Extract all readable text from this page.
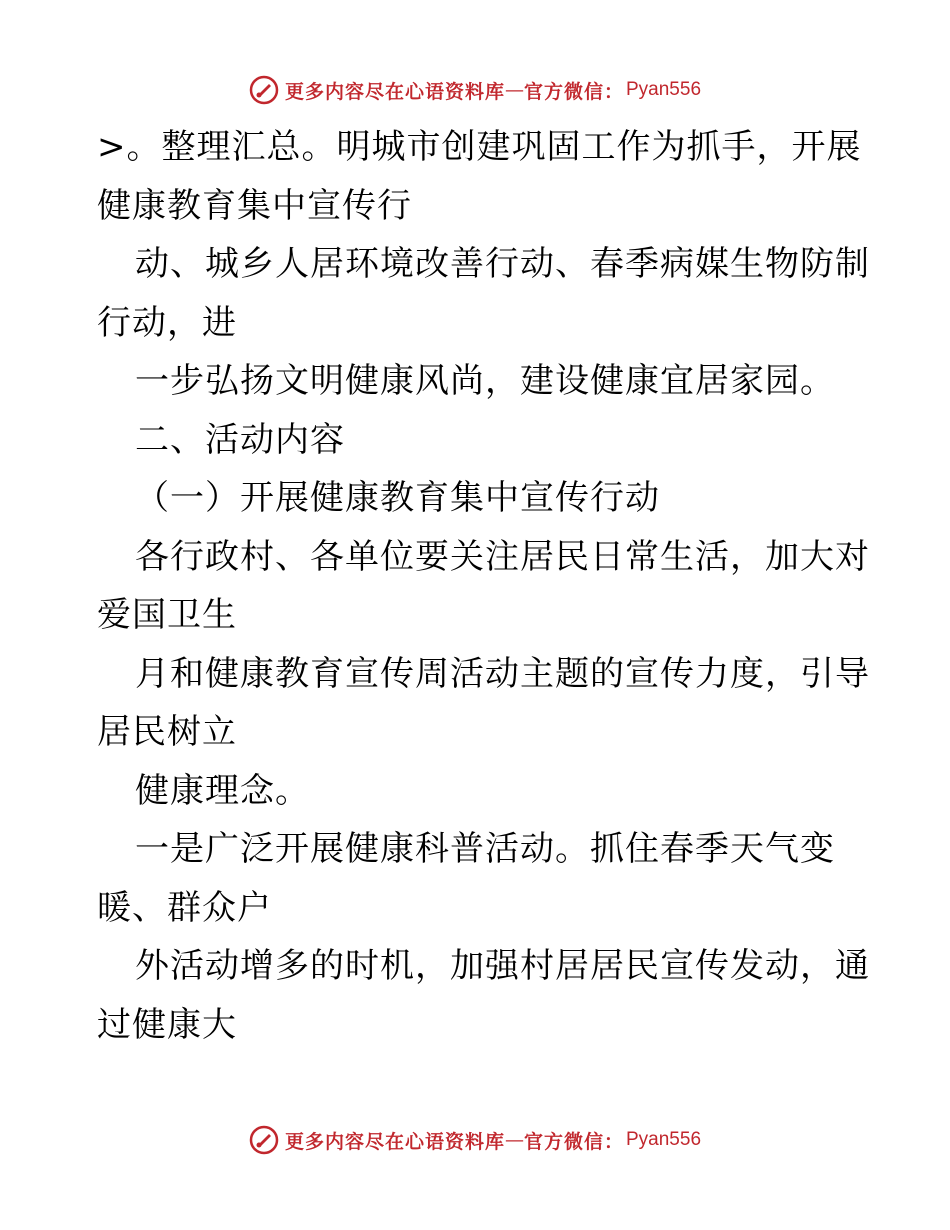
更多内容尽在心语资料库 — 官方微信： Pyan556
>。整理汇总。明城市创建巩固工作为抓手，开展
健康教育集中宣传行
动、城乡人居环境改善行动、春季病媒生物防制
行动，进
一步弘扬文明健康风尚，建设健康宜居家园。
二、活动内容
（一）开展健康教育集中宣传行动
各行政村、各单位要关注居民日常生活，加大对
爱国卫生
月和健康教育宣传周活动主题的宣传力度，引导
居民树立
健康理念。
一是广泛开展健康科普活动。抓住春季天气变
暖、群众户
外活动增多的时机，加强村居居民宣传发动，通
过健康大
更多内容尽在心语资料库 — 官方微信： Pyan556
